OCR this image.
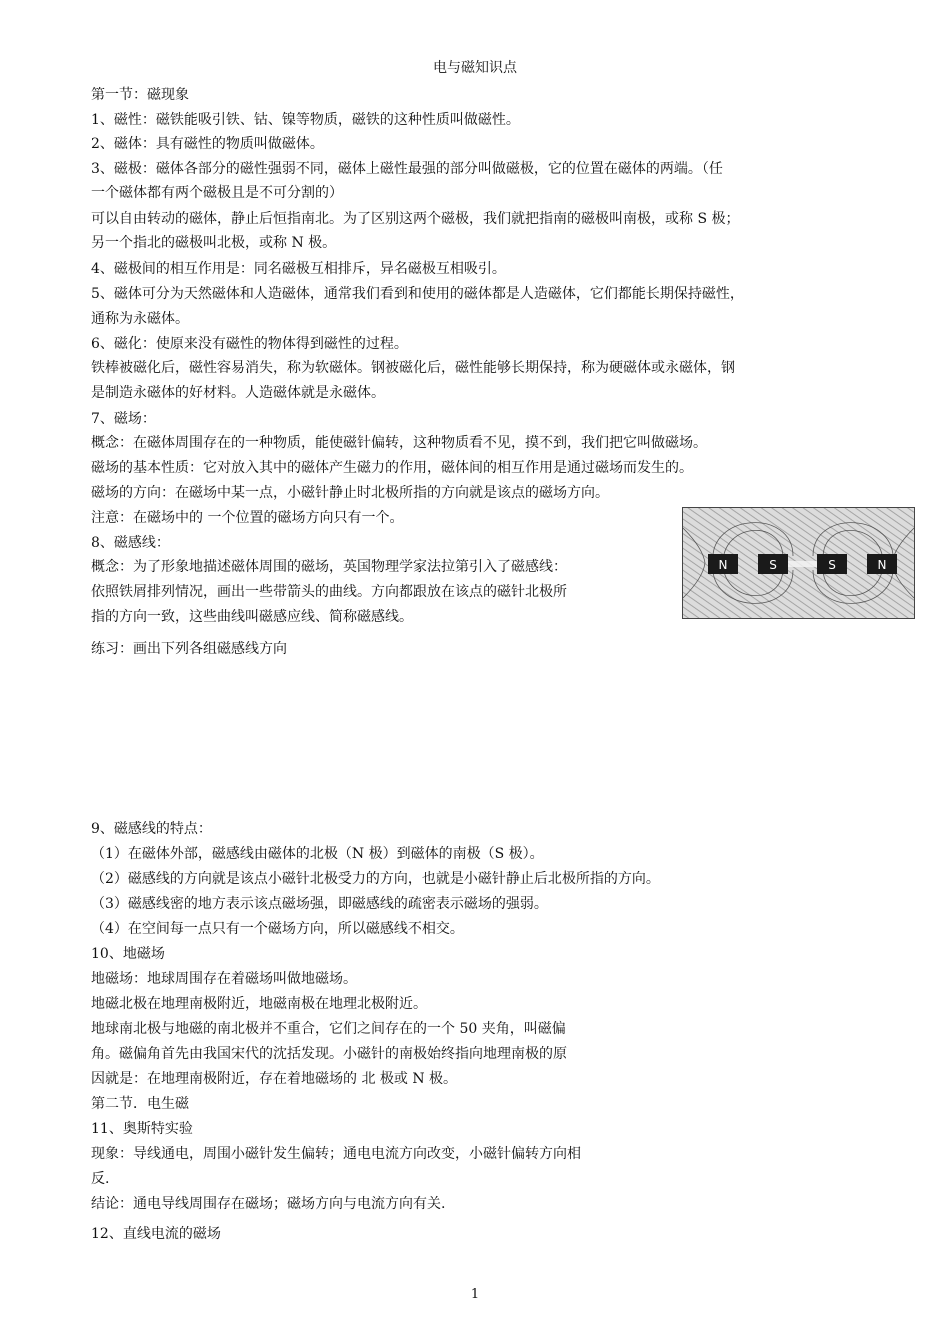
电与磁知识点
第一节：磁现象
1、磁性：磁铁能吸引铁、钴、镍等物质，磁铁的这种性质叫做磁性。
2、磁体：具有磁性的物质叫做磁体。
3、磁极：磁体各部分的磁性强弱不同，磁体上磁性最强的部分叫做磁极，它的位置在磁体的两端。（任
一个磁体都有两个磁极且是不可分割的）
可以自由转动的磁体，静止后恒指南北。为了区别这两个磁极，我们就把指南的磁极叫南极，或称 S 极；
另一个指北的磁极叫北极，或称 N 极。
4、磁极间的相互作用是：同名磁极互相排斥，异名磁极互相吸引。
5、磁体可分为天然磁体和人造磁体，通常我们看到和使用的磁体都是人造磁体，它们都能长期保持磁性，
通称为永磁体。
6、磁化：使原来没有磁性的物体得到磁性的过程。
铁棒被磁化后，磁性容易消失，称为软磁体。钢被磁化后，磁性能够长期保持，称为硬磁体或永磁体，钢
是制造永磁体的好材料。人造磁体就是永磁体。
7、磁场：
概念：在磁体周围存在的一种物质，能使磁针偏转，这种物质看不见，摸不到，我们把它叫做磁场。
磁场的基本性质：它对放入其中的磁体产生磁力的作用，磁体间的相互作用是通过磁场而发生的。
磁场的方向：在磁场中某一点，小磁针静止时北极所指的方向就是该点的磁场方向。
注意：在磁场中的 一个位置的磁场方向只有一个。
8、磁感线：
概念：为了形象地描述磁体周围的磁场，英国物理学家法拉第引入了磁感线：
依照铁屑排列情况，画出一些带箭头的曲线。方向都跟放在该点的磁针北极所
指的方向一致，这些曲线叫磁感应线、简称磁感线。
练习：画出下列各组磁感线方向
9、磁感线的特点：
（1）在磁体外部，磁感线由磁体的北极（N 极）到磁体的南极（S 极）。
（2）磁感线的方向就是该点小磁针北极受力的方向，也就是小磁针静止后北极所指的方向。
（3）磁感线密的地方表示该点磁场强，即磁感线的疏密表示磁场的强弱。
（4）在空间每一点只有一个磁场方向，所以磁感线不相交。
10、地磁场
地磁场：地球周围存在着磁场叫做地磁场。
地磁北极在地理南极附近，地磁南极在地理北极附近。
地球南北极与地磁的南北极并不重合，它们之间存在的一个 50 夹角，叫磁偏
角。磁偏角首先由我国宋代的沈括发现。小磁针的南极始终指向地理南极的原
因就是：在地理南极附近，存在着地磁场的 北 极或 N 极。
第二节．电生磁
11、奥斯特实验
现象：导线通电，周围小磁针发生偏转；通电电流方向改变，小磁针偏转方向相
反.
结论：通电导线周围存在磁场；磁场方向与电流方向有关.
12、直线电流的磁场
N	S	S	N
1
